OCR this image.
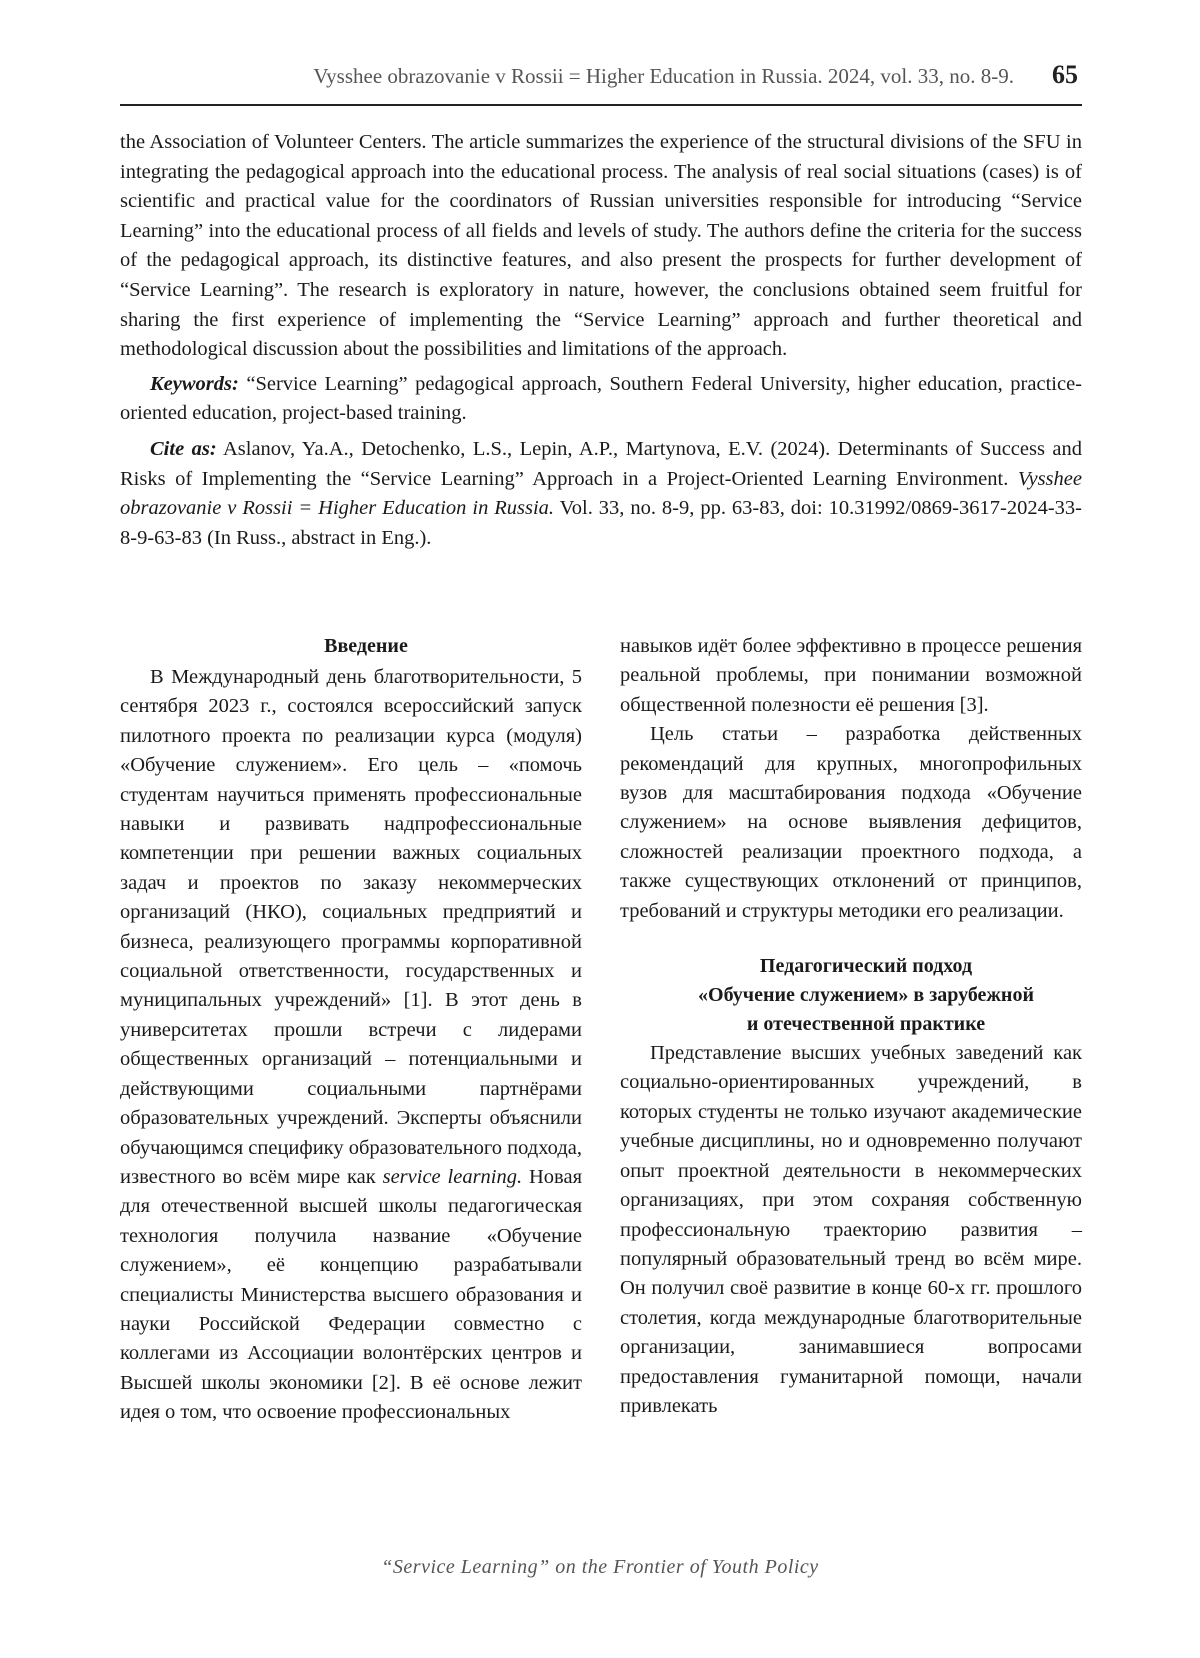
Vysshee obrazovanie v Rossii = Higher Education in Russia. 2024, vol. 33, no. 8-9. 65

the Association of Volunteer Centers. The article summarizes the experience of the structural divisions of the SFU in integrating the pedagogical approach into the educational process. The analysis of real social situations (cases) is of scientific and practical value for the coordinators of Russian universities responsible for introducing “Service Learning” into the educational process of all fields and levels of study. The authors define the criteria for the success of the pedagogical approach, its distinctive features, and also present the prospects for further development of “Service Learning”. The research is exploratory in nature, however, the conclusions obtained seem fruitful for sharing the first experience of implementing the “Service Learning” approach and further theoretical and methodological discussion about the possibilities and limitations of the approach.

Keywords: “Service Learning” pedagogical approach, Southern Federal University, higher education, practice-oriented education, project-based training.

Cite as: Aslanov, Ya.A., Detochenko, L.S., Lepin, A.P., Martynova, E.V. (2024). Determinants of Success and Risks of Implementing the “Service Learning” Approach in a Project-Oriented Learning Environment. Vysshee obrazovanie v Rossii = Higher Education in Russia. Vol. 33, no. 8-9, pp. 63-83, doi: 10.31992/0869-3617-2024-33-8-9-63-83 (In Russ., abstract in Eng.).

Введение

В Международный день благотворительности, 5 сентября 2023 г., состоялся всероссийский запуск пилотного проекта по реализации курса (модуля) «Обучение служением». Его цель – «помочь студентам научиться применять профессиональные навыки и развивать надпрофессиональные компетенции при решении важных социальных задач и проектов по заказу некоммерческих организаций (НКО), социальных предприятий и бизнеса, реализующего программы корпоративной социальной ответственности, государственных и муниципальных учреждений» [1]. В этот день в университетах прошли встречи с лидерами общественных организаций – потенциальными и действующими социальными партнёрами образовательных учреждений. Эксперты объяснили обучающимся специфику образовательного подхода, известного во всём мире как service learning. Новая для отечественной высшей школы педагогическая технология получила название «Обучение служением», её концепцию разрабатывали специалисты Министерства высшего образования и науки Российской Федерации совместно с коллегами из Ассоциации волонтёрских центров и Высшей школы экономики [2]. В её основе лежит идея о том, что освоение профессиональных

навыков идёт более эффективно в процессе решения реальной проблемы, при понимании возможной общественной полезности её решения [3].

Цель статьи – разработка действенных рекомендаций для крупных, многопрофильных вузов для масштабирования подхода «Обучение служением» на основе выявления дефицитов, сложностей реализации проектного подхода, а также существующих отклонений от принципов, требований и структуры методики его реализации.

Педагогический подход

«Обучение служением» в зарубежной

и отечественной практике

Представление высших учебных заведений как социально-ориентированных учреждений, в которых студенты не только изучают академические учебные дисциплины, но и одновременно получают опыт проектной деятельности в некоммерческих организациях, при этом сохраняя собственную профессиональную траекторию развития – популярный образовательный тренд во всём мире. Он получил своё развитие в конце 60-х гг. прошлого столетия, когда международные благотворительные организации, занимавшиеся вопросами предоставления гуманитарной помощи, начали привлекать

“Service Learning” on the Frontier of Youth Policy
